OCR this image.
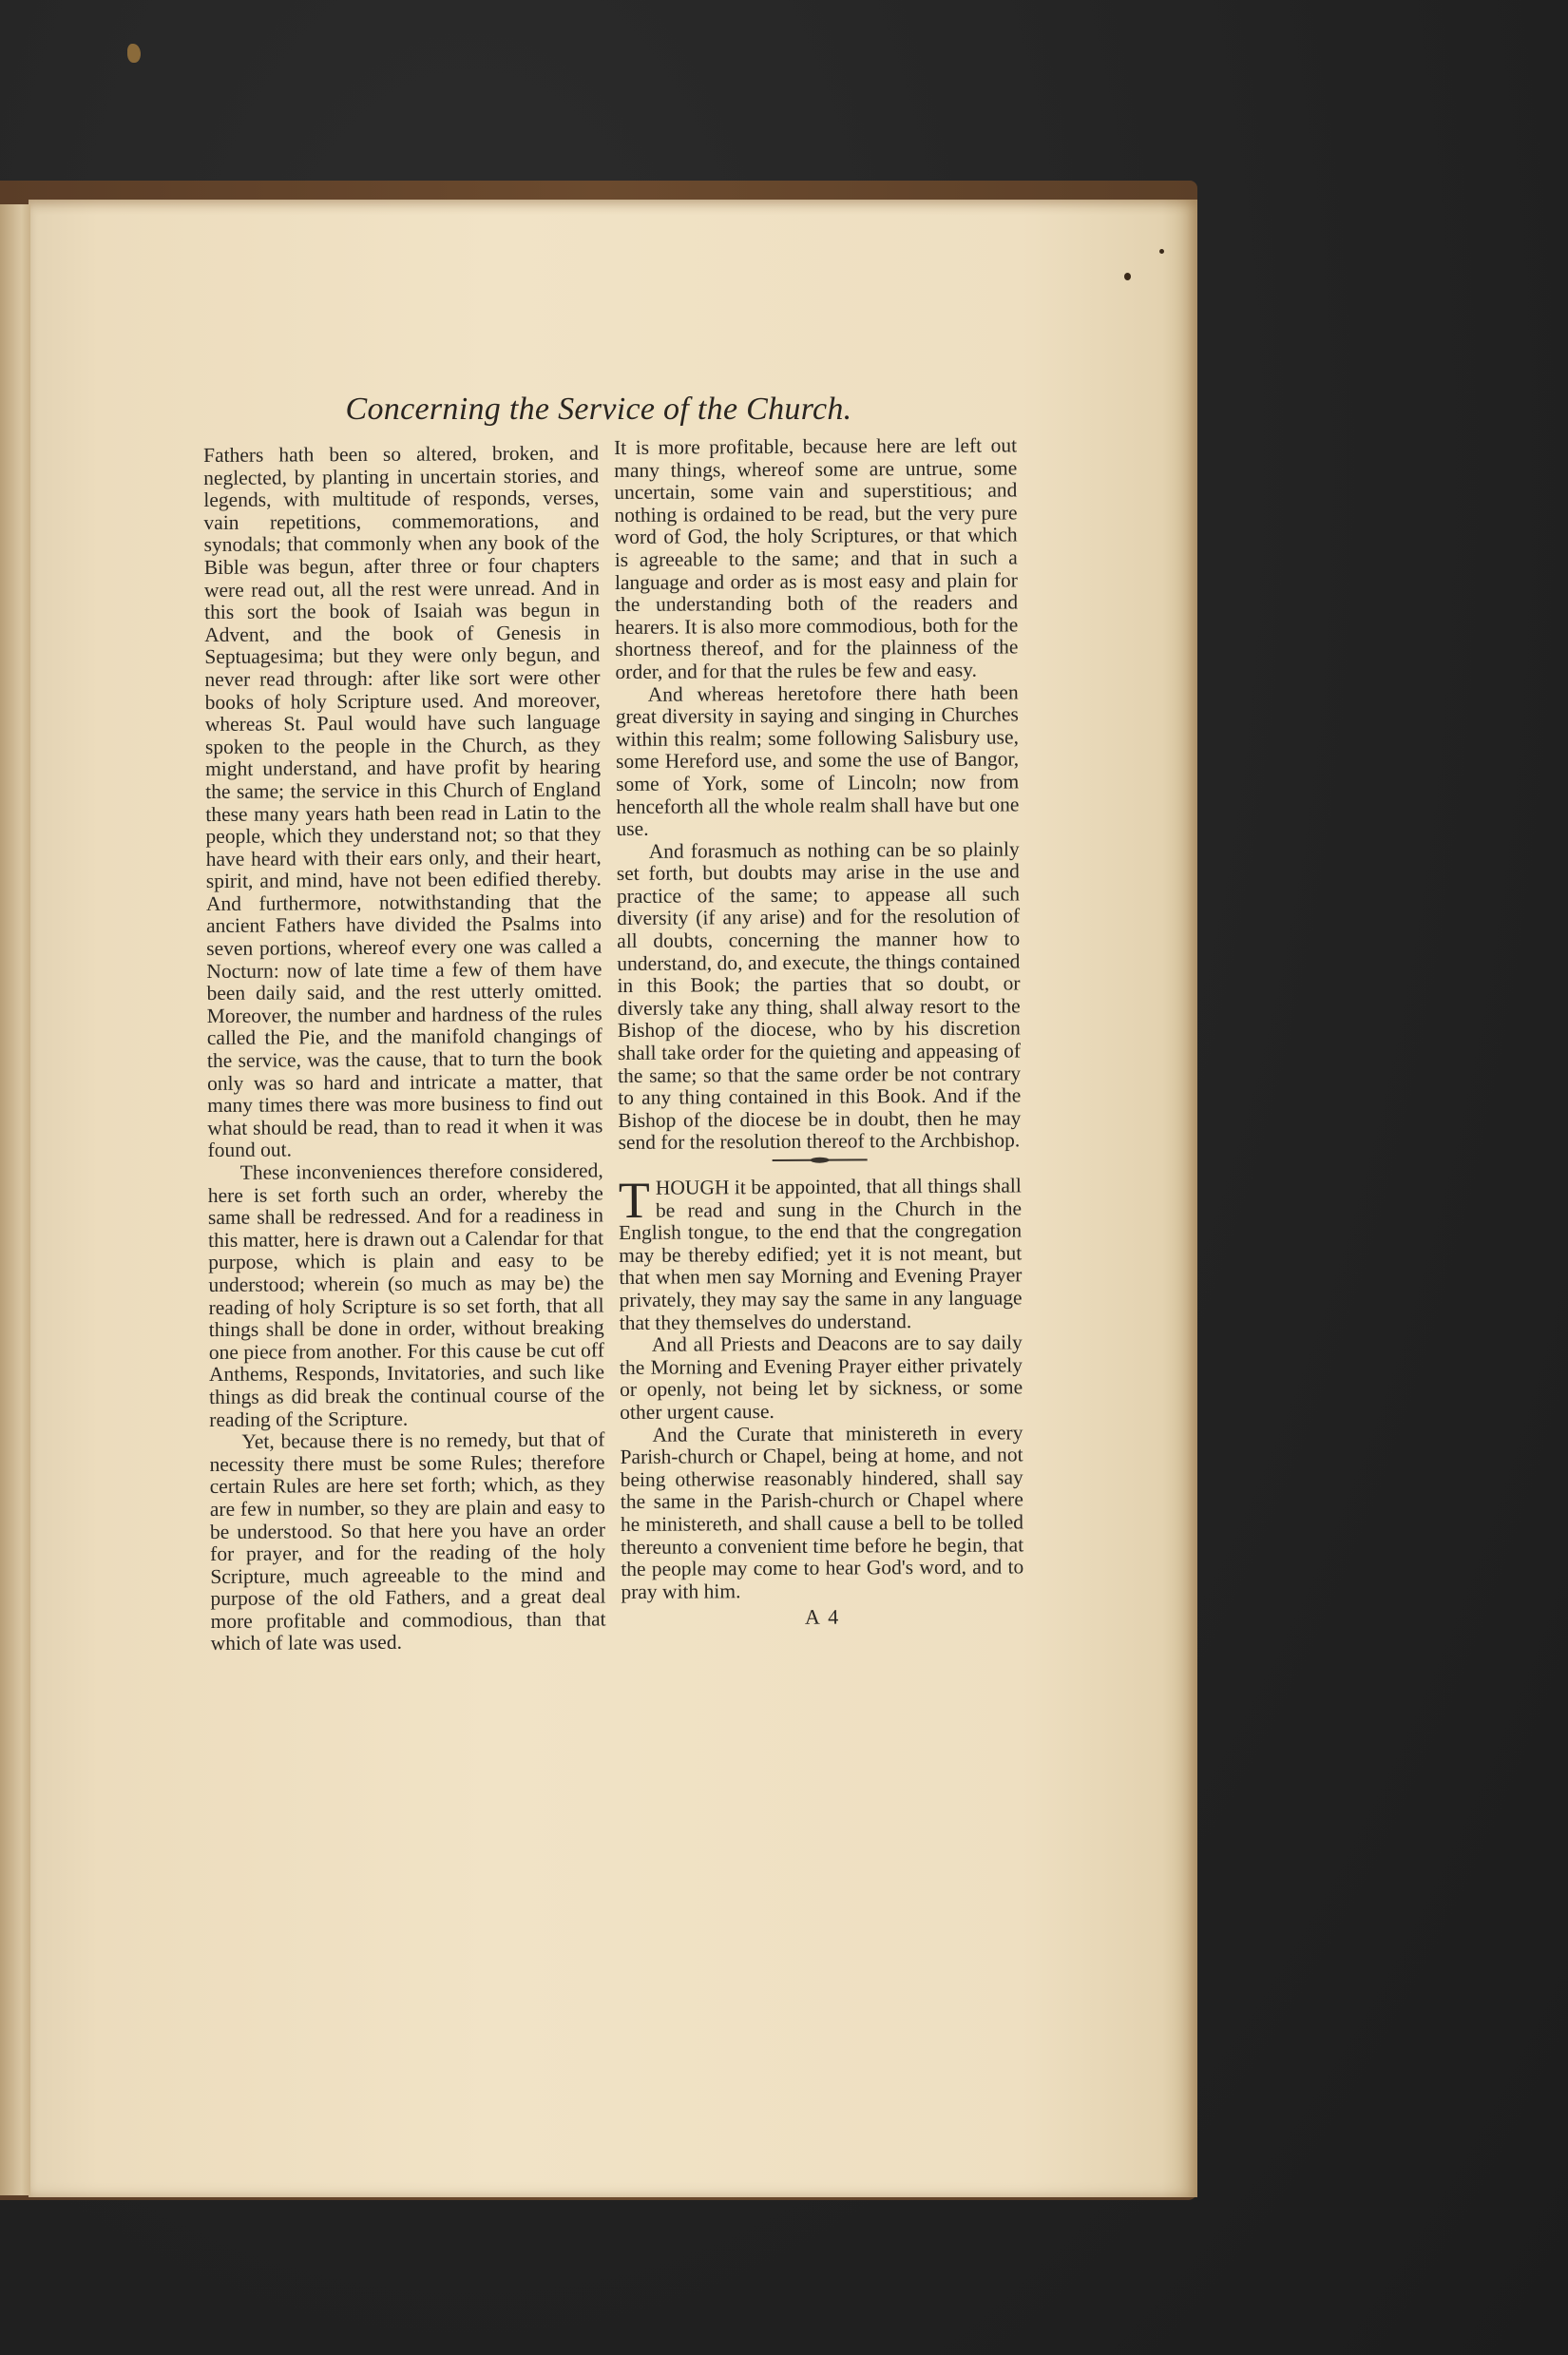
Concerning the Service of the Church.

Fathers hath been so altered, broken, and neglected, by planting in uncertain stories, and legends, with multitude of responds, verses, vain repetitions, commemorations, and synodals; that commonly when any book of the Bible was begun, after three or four chapters were read out, all the rest were unread. And in this sort the book of Isaiah was begun in Advent, and the book of Genesis in Septuagesima; but they were only begun, and never read through: after like sort were other books of holy Scripture used. And moreover, whereas St. Paul would have such language spoken to the people in the Church, as they might understand, and have profit by hearing the same; the service in this Church of England these many years hath been read in Latin to the people, which they understand not; so that they have heard with their ears only, and their heart, spirit, and mind, have not been edified thereby. And furthermore, notwithstanding that the ancient Fathers have divided the Psalms into seven portions, whereof every one was called a Nocturn: now of late time a few of them have been daily said, and the rest utterly omitted. Moreover, the number and hardness of the rules called the Pie, and the manifold changings of the service, was the cause, that to turn the book only was so hard and intricate a matter, that many times there was more business to find out what should be read, than to read it when it was found out.

These inconveniences therefore considered, here is set forth such an order, whereby the same shall be redressed. And for a readiness in this matter, here is drawn out a Calendar for that purpose, which is plain and easy to be understood; wherein (so much as may be) the reading of holy Scripture is so set forth, that all things shall be done in order, without breaking one piece from another. For this cause be cut off Anthems, Responds, Invitatories, and such like things as did break the continual course of the reading of the Scripture.

Yet, because there is no remedy, but that of necessity there must be some Rules; therefore certain Rules are here set forth; which, as they are few in number, so they are plain and easy to be understood. So that here you have an order for prayer, and for the reading of the holy Scripture, much agreeable to the mind and purpose of the old Fathers, and a great deal more profitable and commodious, than that which of late was used.

It is more profitable, because here are left out many things, whereof some are untrue, some uncertain, some vain and superstitious; and nothing is ordained to be read, but the very pure word of God, the holy Scriptures, or that which is agreeable to the same; and that in such a language and order as is most easy and plain for the understanding both of the readers and hearers. It is also more commodious, both for the shortness thereof, and for the plainness of the order, and for that the rules be few and easy.

And whereas heretofore there hath been great diversity in saying and singing in Churches within this realm; some following Salisbury use, some Hereford use, and some the use of Bangor, some of York, some of Lincoln; now from henceforth all the whole realm shall have but one use.

And forasmuch as nothing can be so plainly set forth, but doubts may arise in the use and practice of the same; to appease all such diversity (if any arise) and for the resolution of all doubts, concerning the manner how to understand, do, and execute, the things contained in this Book; the parties that so doubt, or diversly take any thing, shall alway resort to the Bishop of the diocese, who by his discretion shall take order for the quieting and appeasing of the same; so that the same order be not contrary to any thing contained in this Book. And if the Bishop of the diocese be in doubt, then he may send for the resolution thereof to the Archbishop.

THOUGH it be appointed, that all things shall be read and sung in the Church in the English tongue, to the end that the congregation may be thereby edified; yet it is not meant, but that when men say Morning and Evening Prayer privately, they may say the same in any language that they themselves do understand.

And all Priests and Deacons are to say daily the Morning and Evening Prayer either privately or openly, not being let by sickness, or some other urgent cause.

And the Curate that ministereth in every Parish-church or Chapel, being at home, and not being otherwise reasonably hindered, shall say the same in the Parish-church or Chapel where he ministereth, and shall cause a bell to be tolled thereunto a convenient time before he begin, that the people may come to hear God's word, and to pray with him.

A 4
